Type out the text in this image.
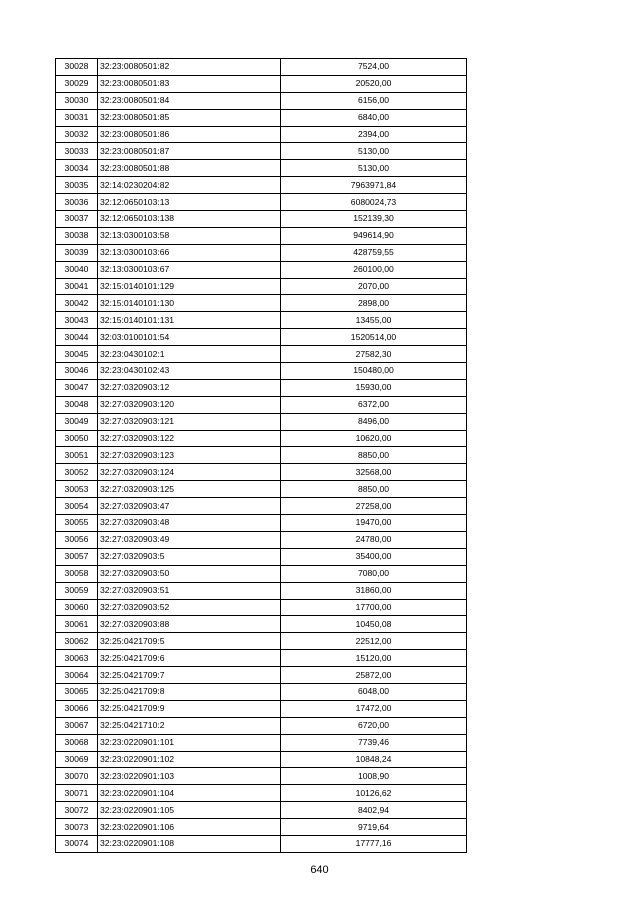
30028	32:23:0080501:82	7524,00
30029	32:23:0080501:83	20520,00
30030	32:23:0080501:84	6156,00
30031	32:23:0080501:85	6840,00
30032	32:23:0080501:86	2394,00
30033	32:23:0080501:87	5130,00
30034	32:23:0080501:88	5130,00
30035	32:14:0230204:82	7963971,84
30036	32:12:0650103:13	6080024,73
30037	32:12:0650103:138	152139,30
30038	32:13:0300103:58	949614,90
30039	32:13:0300103:66	428759,55
30040	32:13:0300103:67	260100,00
30041	32:15:0140101:129	2070,00
30042	32:15:0140101:130	2898,00
30043	32:15:0140101:131	13455,00
30044	32:03:0100101:54	1520514,00
30045	32:23:0430102:1	27582,30
30046	32:23:0430102:43	150480,00
30047	32:27:0320903:12	15930,00
30048	32:27:0320903:120	6372,00
30049	32:27:0320903:121	8496,00
30050	32:27:0320903:122	10620,00
30051	32:27:0320903:123	8850,00
30052	32:27:0320903:124	32568,00
30053	32:27:0320903:125	8850,00
30054	32:27:0320903:47	27258,00
30055	32:27:0320903:48	19470,00
30056	32:27:0320903:49	24780,00
30057	32:27:0320903:5	35400,00
30058	32:27:0320903:50	7080,00
30059	32:27:0320903:51	31860,00
30060	32:27:0320903:52	17700,00
30061	32:27:0320903:88	10450,08
30062	32:25:0421709:5	22512,00
30063	32:25:0421709:6	15120,00
30064	32:25:0421709:7	25872,00
30065	32:25:0421709:8	6048,00
30066	32:25:0421709:9	17472,00
30067	32:25:0421710:2	6720,00
30068	32:23:0220901:101	7739,46
30069	32:23:0220901:102	10848,24
30070	32:23:0220901:103	1008,90
30071	32:23:0220901:104	10126,62
30072	32:23:0220901:105	8402,94
30073	32:23:0220901:106	9719,64
30074	32:23:0220901:108	17777,16
640
